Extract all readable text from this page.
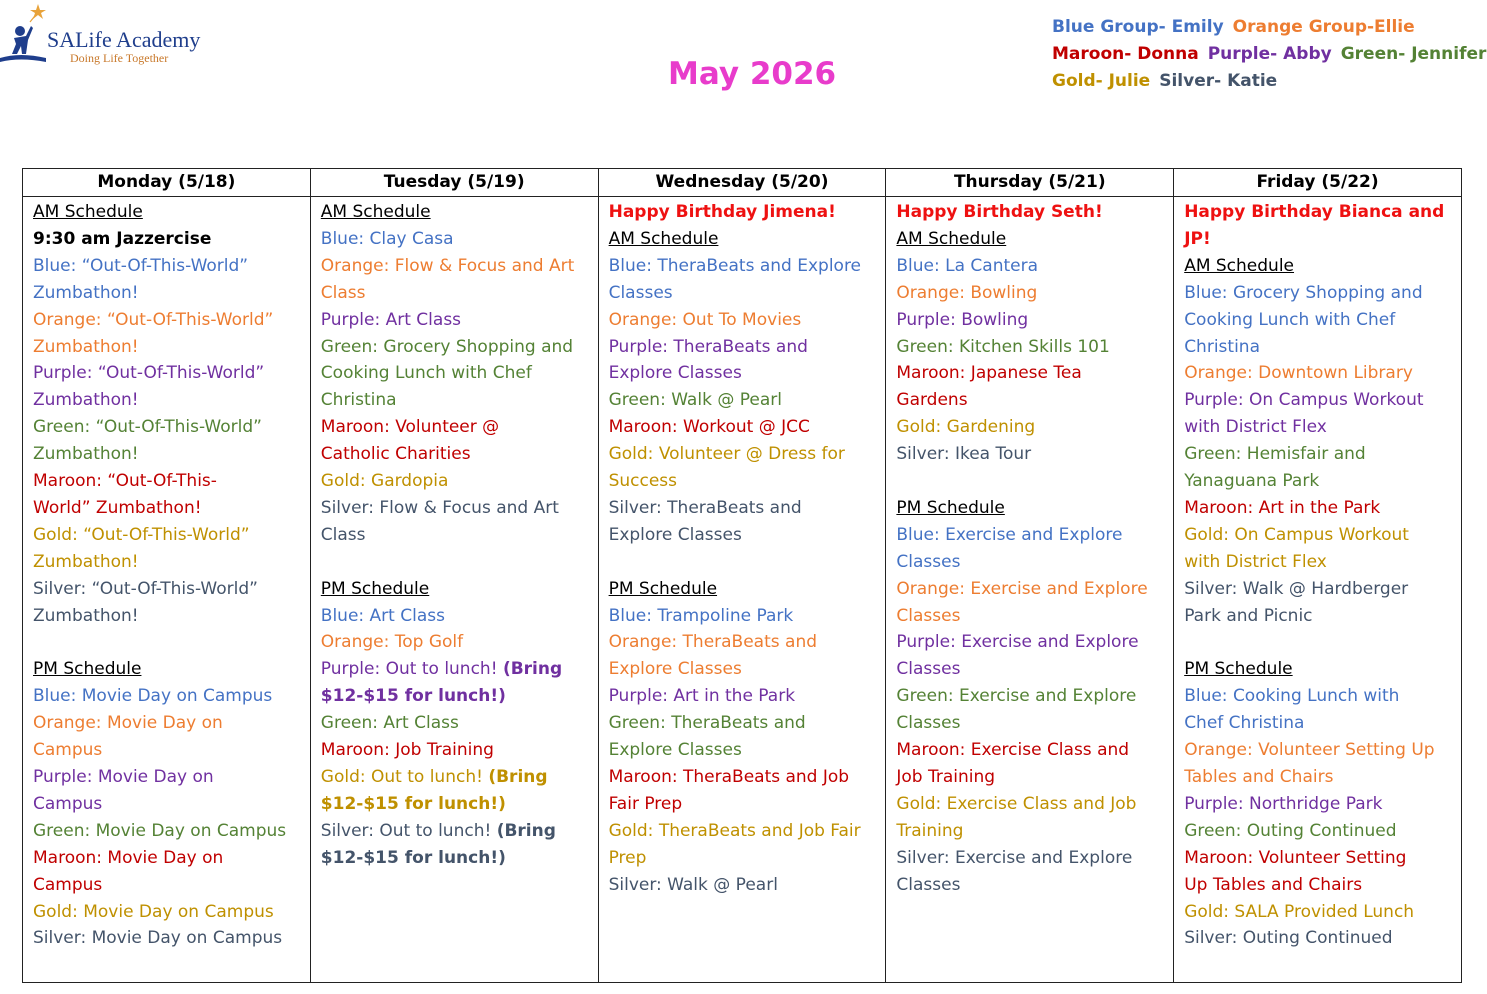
SALife Academy
Doing Life Together	May 2026
Blue Group- Emily Orange Group-Ellie
Maroon- Donna Purple- Abby Green- Jennifer
Gold- Julie Silver- Katie
Monday (5/18)
AM Schedule
9:30 am Jazzercise
Blue: “Out-Of-This-World”
Zumbathon!
Orange: “Out-Of-This-World”
Zumbathon!
Purple: “Out-Of-This-World”
Zumbathon!
Green: “Out-Of-This-World”
Zumbathon!
Maroon: “Out-Of-This-
World” Zumbathon!
Gold: “Out-Of-This-World”
Zumbathon!
Silver: “Out-Of-This-World”
Zumbathon!
PM Schedule
Blue: Movie Day on Campus
Orange: Movie Day on
Campus
Purple: Movie Day on
Campus
Green: Movie Day on Campus
Maroon: Movie Day on
Campus
Gold: Movie Day on Campus
Silver: Movie Day on Campus
Tuesday (5/19)
AM Schedule
Blue: Clay Casa
Orange: Flow & Focus and Art
Class
Purple: Art Class
Green: Grocery Shopping and
Cooking Lunch with Chef
Christina
Maroon: Volunteer @
Catholic Charities
Gold: Gardopia
Silver: Flow & Focus and Art
Class
PM Schedule
Blue: Art Class
Orange: Top Golf
Purple: Out to lunch! (Bring
$12-$15 for lunch!)
Green: Art Class
Maroon: Job Training
Gold: Out to lunch! (Bring
$12-$15 for lunch!)
Silver: Out to lunch! (Bring
$12-$15 for lunch!)
Wednesday (5/20)
Happy Birthday Jimena!
AM Schedule
Blue: TheraBeats and Explore
Classes
Orange: Out To Movies
Purple: TheraBeats and
Explore Classes
Green: Walk @ Pearl
Maroon: Workout @ JCC
Gold: Volunteer @ Dress for
Success
Silver: TheraBeats and
Explore Classes
PM Schedule
Blue: Trampoline Park
Orange: TheraBeats and
Explore Classes
Purple: Art in the Park
Green: TheraBeats and
Explore Classes
Maroon: TheraBeats and Job
Fair Prep
Gold: TheraBeats and Job Fair
Prep
Silver: Walk @ Pearl
Thursday (5/21)
Happy Birthday Seth!
AM Schedule
Blue: La Cantera
Orange: Bowling
Purple: Bowling
Green: Kitchen Skills 101
Maroon: Japanese Tea
Gardens
Gold: Gardening
Silver: Ikea Tour
PM Schedule
Blue: Exercise and Explore
Classes
Orange: Exercise and Explore
Classes
Purple: Exercise and Explore
Classes
Green: Exercise and Explore
Classes
Maroon: Exercise Class and
Job Training
Gold: Exercise Class and Job
Training
Silver: Exercise and Explore
Classes
Friday (5/22)
Happy Birthday Bianca and
JP!
AM Schedule
Blue: Grocery Shopping and
Cooking Lunch with Chef
Christina
Orange: Downtown Library
Purple: On Campus Workout
with District Flex
Green: Hemisfair and
Yanaguana Park
Maroon: Art in the Park
Gold: On Campus Workout
with District Flex
Silver: Walk @ Hardberger
Park and Picnic
PM Schedule
Blue: Cooking Lunch with
Chef Christina
Orange: Volunteer Setting Up
Tables and Chairs
Purple: Northridge Park
Green: Outing Continued
Maroon: Volunteer Setting
Up Tables and Chairs
Gold: SALA Provided Lunch
Silver: Outing Continued
